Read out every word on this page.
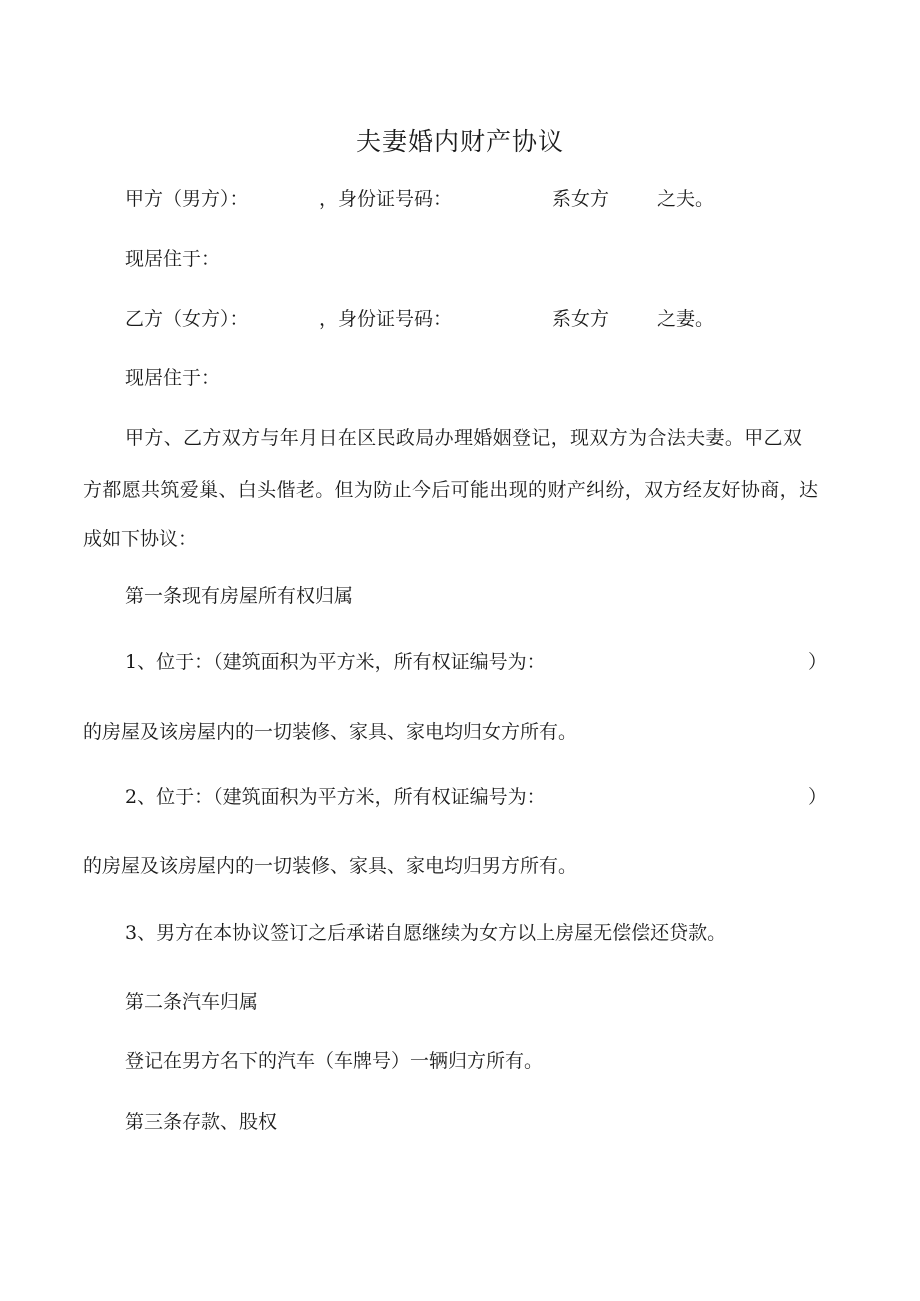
夫妻婚内财产协议
甲方（男方）：	，身份证号码：	系女方	之夫。
现居住于：
乙方（女方）：	，身份证号码：	系女方	之妻。
现居住于：
甲方、乙方双方与年月日在区民政局办理婚姻登记，现双方为合法夫妻。甲乙双
方都愿共筑爱巢、白头偕老。但为防止今后可能出现的财产纠纷，双方经友好协商，达
成如下协议：
第一条现有房屋所有权归属
1、位于：（建筑面积为平方米，所有权证编号为：	）
的房屋及该房屋内的一切装修、家具、家电均归女方所有。
2、位于：（建筑面积为平方米，所有权证编号为：	）
的房屋及该房屋内的一切装修、家具、家电均归男方所有。
3、男方在本协议签订之后承诺自愿继续为女方以上房屋无偿偿还贷款。
第二条汽车归属
登记在男方名下的汽车（车牌号）一辆归方所有。
第三条存款、股权
